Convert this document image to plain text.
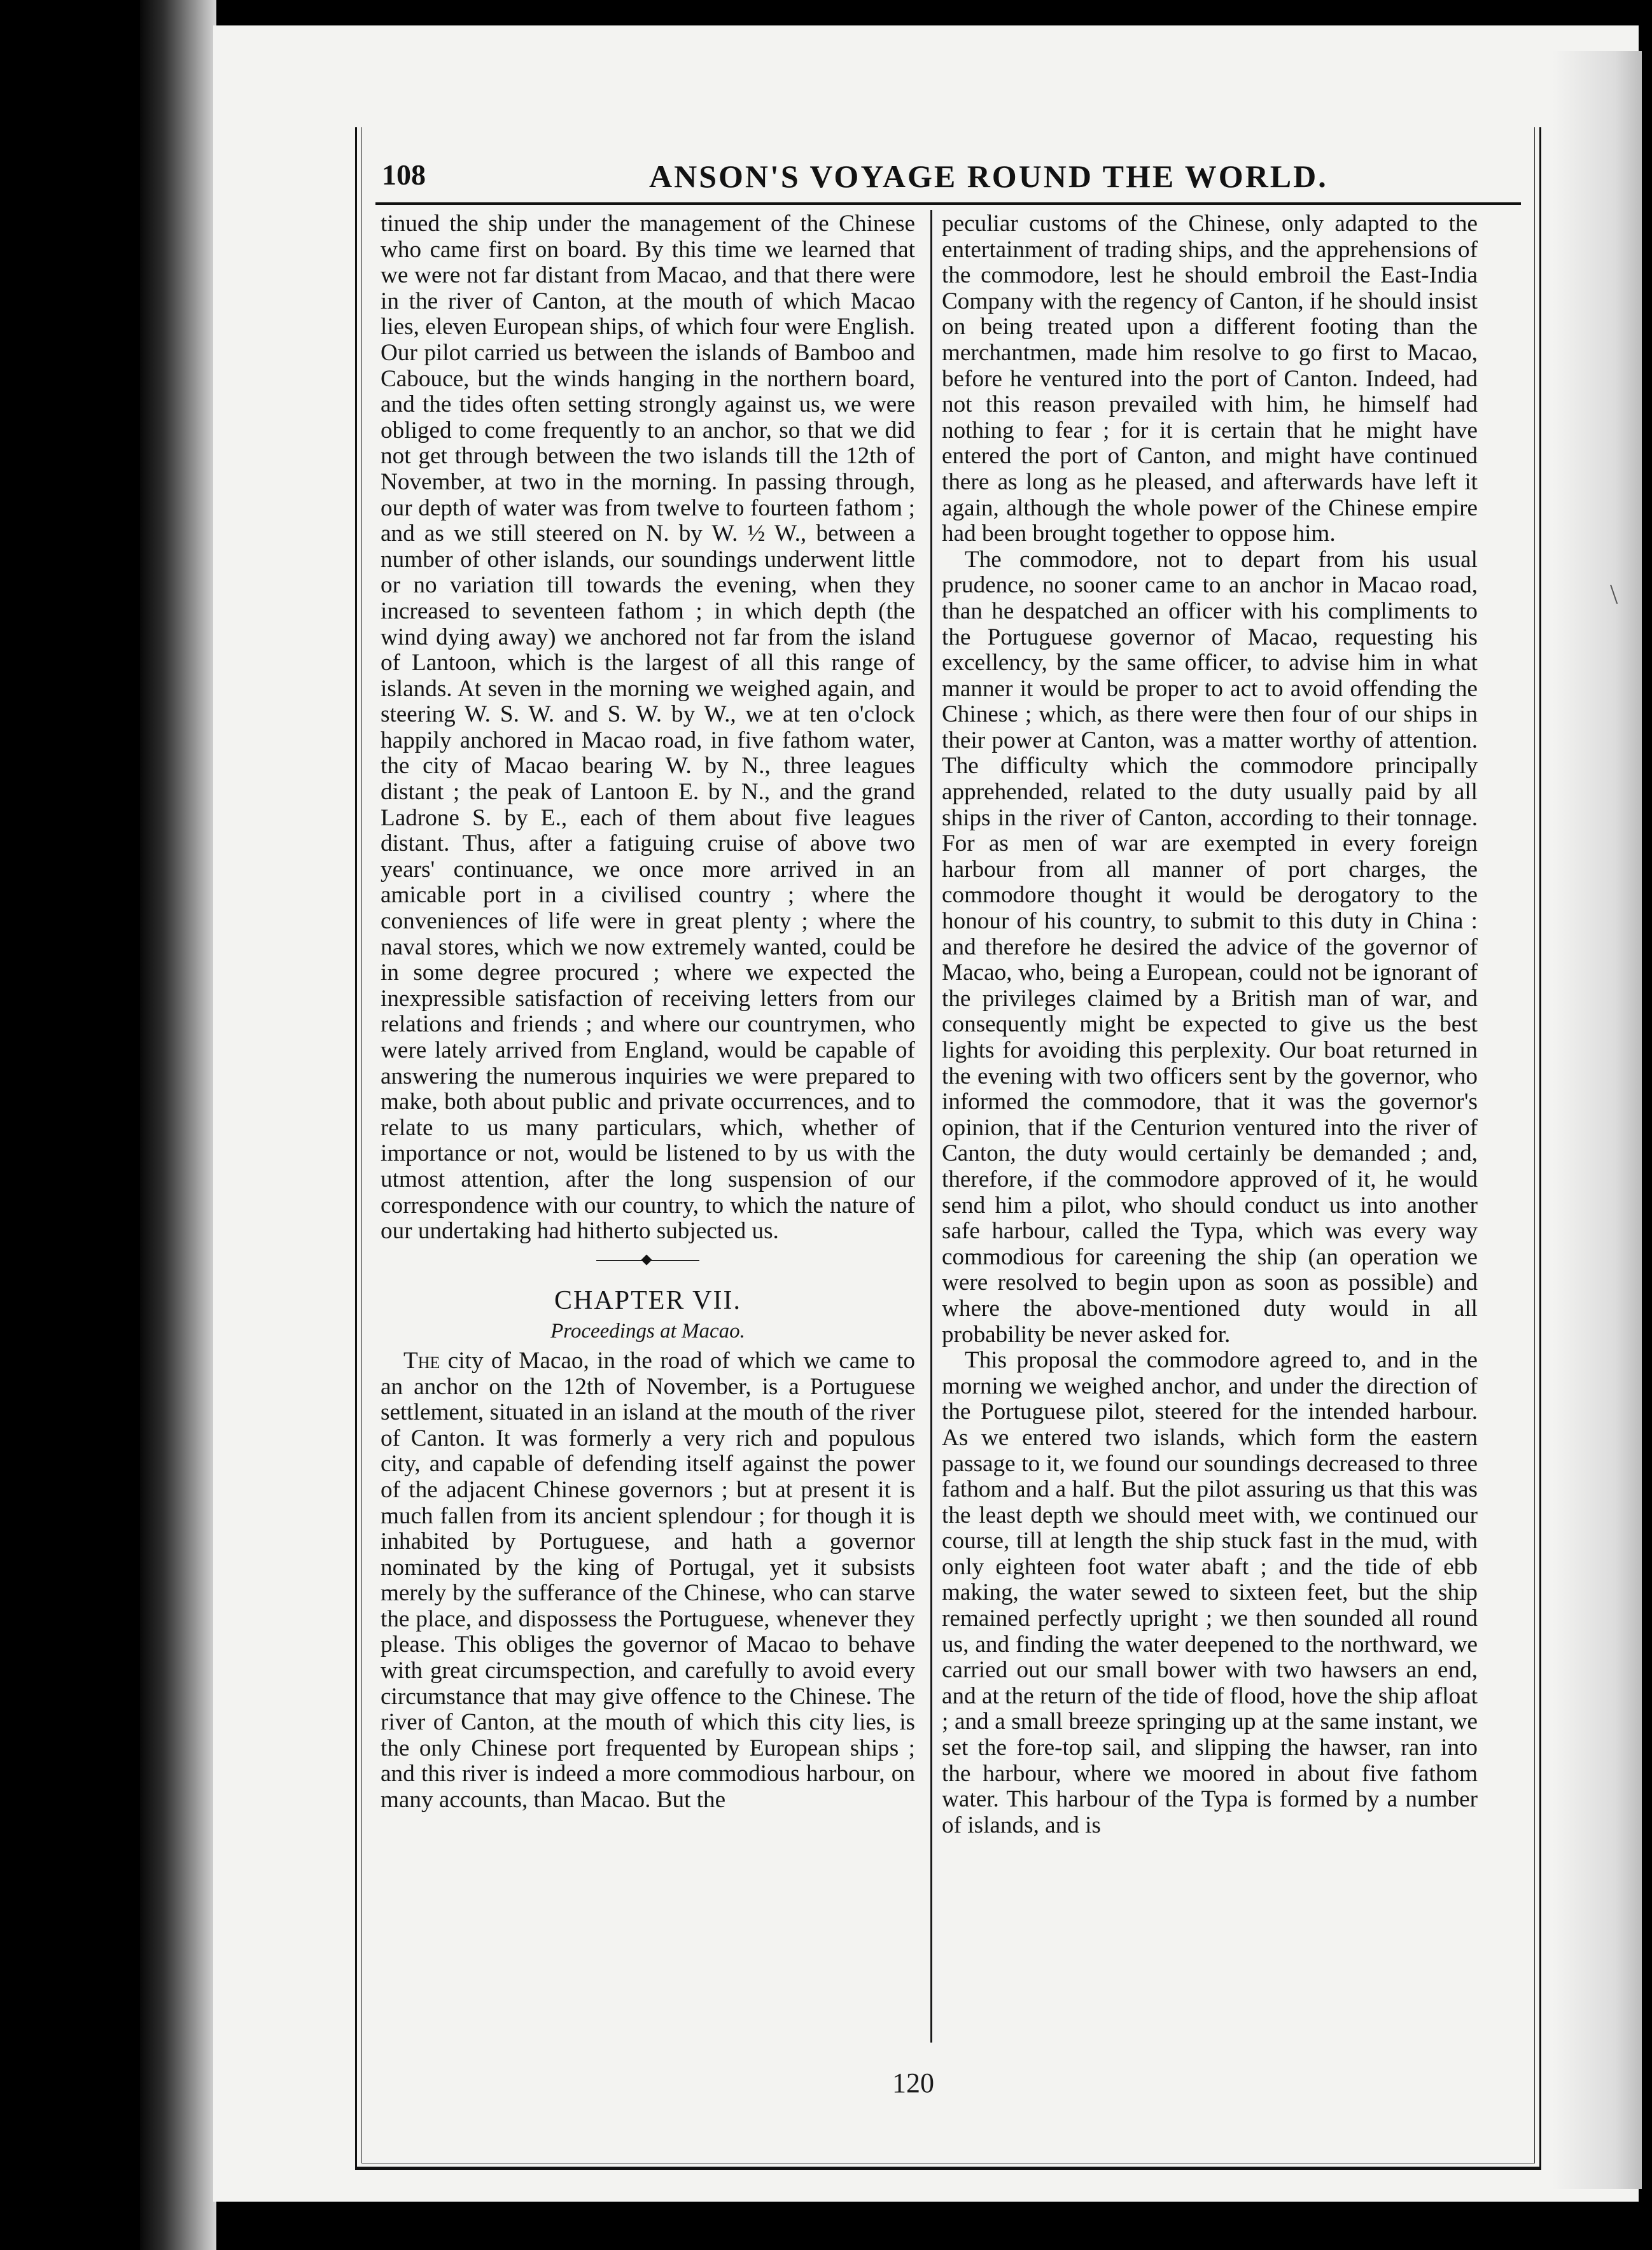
108	ANSON'S VOYAGE ROUND THE WORLD.

tinued the ship under the management of the Chinese who came first on board. By this time we learned that we were not far distant from Macao, and that there were in the river of Canton, at the mouth of which Macao lies, eleven European ships, of which four were English. Our pilot carried us between the islands of Bamboo and Cabouce, but the winds hanging in the northern board, and the tides often setting strongly against us, we were obliged to come frequently to an anchor, so that we did not get through between the two islands till the 12th of November, at two in the morning. In passing through, our depth of water was from twelve to fourteen fathom ; and as we still steered on N. by W. ½ W., between a number of other islands, our soundings underwent little or no variation till towards the evening, when they increased to seventeen fathom ; in which depth (the wind dying away) we anchored not far from the island of Lantoon, which is the largest of all this range of islands. At seven in the morning we weighed again, and steering W. S. W. and S. W. by W., we at ten o'clock happily anchored in Macao road, in five fathom water, the city of Macao bearing W. by N., three leagues distant ; the peak of Lantoon E. by N., and the grand Ladrone S. by E., each of them about five leagues distant. Thus, after a fatiguing cruise of above two years' continuance, we once more arrived in an amicable port in a civilised country ; where the conveniences of life were in great plenty ; where the naval stores, which we now extremely wanted, could be in some degree procured ; where we expected the inexpressible satisfaction of receiving letters from our relations and friends ; and where our countrymen, who were lately arrived from England, would be capable of answering the numerous inquiries we were prepared to make, both about public and private occurrences, and to relate to us many particulars, which, whether of importance or not, would be listened to by us with the utmost attention, after the long suspension of our correspondence with our country, to which the nature of our undertaking had hitherto subjected us.

CHAPTER VII.
Proceedings at Macao.

The city of Macao, in the road of which we came to an anchor on the 12th of November, is a Portuguese settlement, situated in an island at the mouth of the river of Canton. It was formerly a very rich and populous city, and capable of defending itself against the power of the adjacent Chinese governors ; but at present it is much fallen from its ancient splendour ; for though it is inhabited by Portuguese, and hath a governor nominated by the king of Portugal, yet it subsists merely by the sufferance of the Chinese, who can starve the place, and dispossess the Portuguese, whenever they please. This obliges the governor of Macao to behave with great circumspection, and carefully to avoid every circumstance that may give offence to the Chinese. The river of Canton, at the mouth of which this city lies, is the only Chinese port frequented by European ships ; and this river is indeed a more commodious harbour, on many accounts, than Macao. But the

peculiar customs of the Chinese, only adapted to the entertainment of trading ships, and the apprehensions of the commodore, lest he should embroil the East-India Company with the regency of Canton, if he should insist on being treated upon a different footing than the merchantmen, made him resolve to go first to Macao, before he ventured into the port of Canton. Indeed, had not this reason prevailed with him, he himself had nothing to fear ; for it is certain that he might have entered the port of Canton, and might have continued there as long as he pleased, and afterwards have left it again, although the whole power of the Chinese empire had been brought together to oppose him.

The commodore, not to depart from his usual prudence, no sooner came to an anchor in Macao road, than he despatched an officer with his compliments to the Portuguese governor of Macao, requesting his excellency, by the same officer, to advise him in what manner it would be proper to act to avoid offending the Chinese ; which, as there were then four of our ships in their power at Canton, was a matter worthy of attention. The difficulty which the commodore principally apprehended, related to the duty usually paid by all ships in the river of Canton, according to their tonnage. For as men of war are exempted in every foreign harbour from all manner of port charges, the commodore thought it would be derogatory to the honour of his country, to submit to this duty in China : and therefore he desired the advice of the governor of Macao, who, being a European, could not be ignorant of the privileges claimed by a British man of war, and consequently might be expected to give us the best lights for avoiding this perplexity. Our boat returned in the evening with two officers sent by the governor, who informed the commodore, that it was the governor's opinion, that if the Centurion ventured into the river of Canton, the duty would certainly be demanded ; and, therefore, if the commodore approved of it, he would send him a pilot, who should conduct us into another safe harbour, called the Typa, which was every way commodious for careening the ship (an operation we were resolved to begin upon as soon as possible) and where the above-mentioned duty would in all probability be never asked for.

This proposal the commodore agreed to, and in the morning we weighed anchor, and under the direction of the Portuguese pilot, steered for the intended harbour. As we entered two islands, which form the eastern passage to it, we found our soundings decreased to three fathom and a half. But the pilot assuring us that this was the least depth we should meet with, we continued our course, till at length the ship stuck fast in the mud, with only eighteen foot water abaft ; and the tide of ebb making, the water sewed to sixteen feet, but the ship remained perfectly upright ; we then sounded all round us, and finding the water deepened to the northward, we carried out our small bower with two hawsers an end, and at the return of the tide of flood, hove the ship afloat ; and a small breeze springing up at the same instant, we set the fore-top sail, and slipping the hawser, ran into the harbour, where we moored in about five fathom water. This harbour of the Typa is formed by a number of islands, and is

120
\
